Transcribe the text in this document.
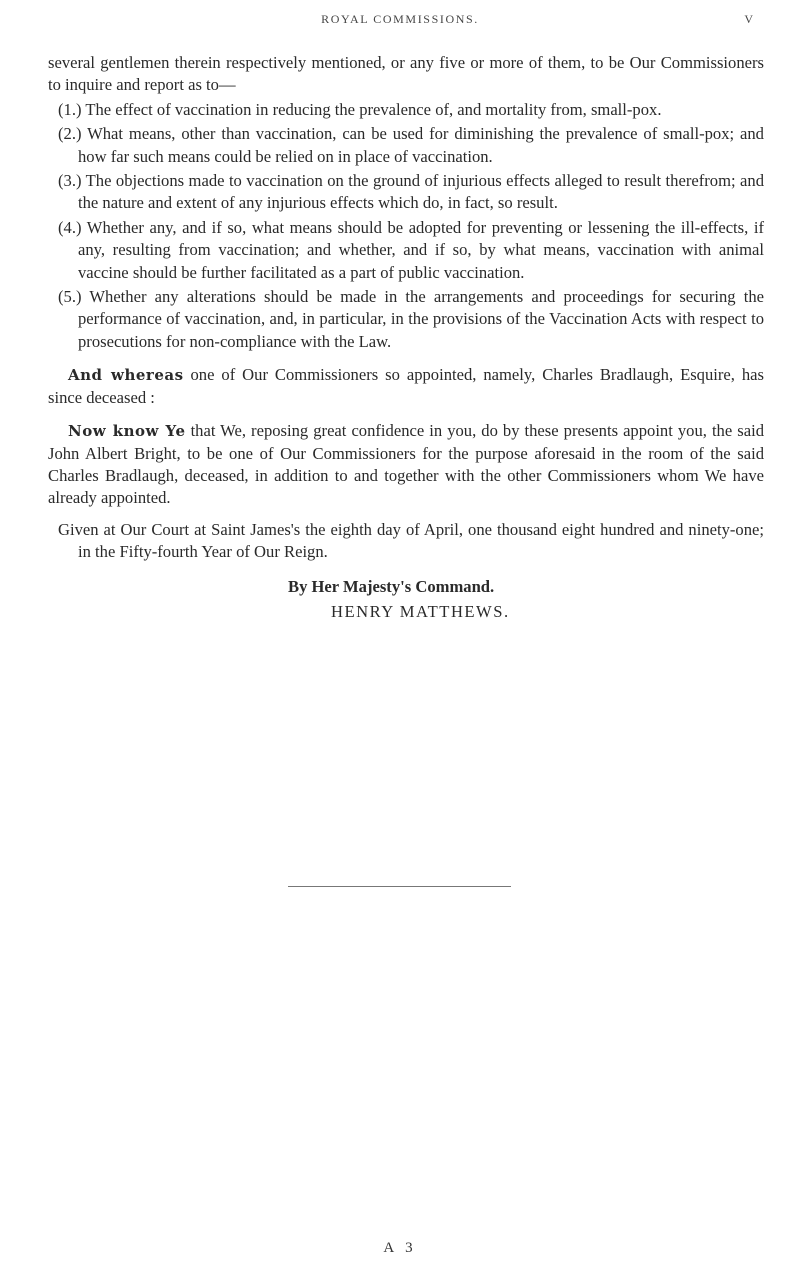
ROYAL COMMISSIONS.	V

several gentlemen therein respectively mentioned, or any five or more of them, to be Our Commissioners to inquire and report as to—

(1.) The effect of vaccination in reducing the prevalence of, and mortality from, small-pox.

(2.) What means, other than vaccination, can be used for diminishing the prevalence of small-pox; and how far such means could be relied on in place of vaccination.

(3.) The objections made to vaccination on the ground of injurious effects alleged to result therefrom; and the nature and extent of any injurious effects which do, in fact, so result.

(4.) Whether any, and if so, what means should be adopted for preventing or lessening the ill-effects, if any, resulting from vaccination; and whether, and if so, by what means, vaccination with animal vaccine should be further facilitated as a part of public vaccination.

(5.) Whether any alterations should be made in the arrangements and proceedings for securing the performance of vaccination, and, in particular, in the provisions of the Vaccination Acts with respect to prosecutions for non-compliance with the Law.

And whereas one of Our Commissioners so appointed, namely, Charles Bradlaugh, Esquire, has since deceased :

Now know Ye that We, reposing great confidence in you, do by these presents appoint you, the said John Albert Bright, to be one of Our Commissioners for the purpose aforesaid in the room of the said Charles Bradlaugh, deceased, in addition to and together with the other Commissioners whom We have already appointed.

Given at Our Court at Saint James's the eighth day of April, one thousand eight hundred and ninety-one; in the Fifty-fourth Year of Our Reign.

By Her Majesty's Command.

HENRY MATTHEWS.

A 3
